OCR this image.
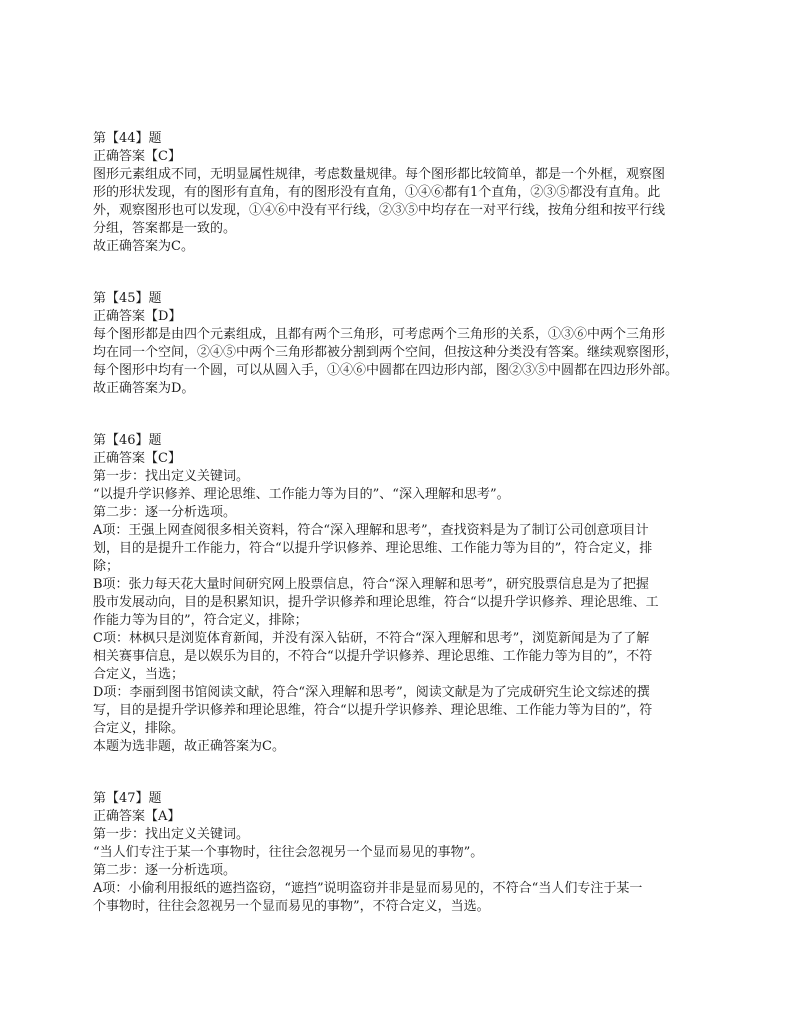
第【44】题
正确答案【C】
图形元素组成不同，无明显属性规律，考虑数量规律。每个图形都比较简单，都是一个外框，观察图
形的形状发现，有的图形有直角，有的图形没有直角，①④⑥都有1个直角，②③⑤都没有直角。此
外，观察图形也可以发现，①④⑥中没有平行线，②③⑤中均存在一对平行线，按角分组和按平行线
分组，答案都是一致的。
故正确答案为C。
第【45】题
正确答案【D】
每个图形都是由四个元素组成，且都有两个三角形，可考虑两个三角形的关系，①③⑥中两个三角形
均在同一个空间，②④⑤中两个三角形都被分割到两个空间，但按这种分类没有答案。继续观察图形，
每个图形中均有一个圆，可以从圆入手，①④⑥中圆都在四边形内部，图②③⑤中圆都在四边形外部。
故正确答案为D。
第【46】题
正确答案【C】
第一步：找出定义关键词。
“以提升学识修养、理论思维、工作能力等为目的”、“深入理解和思考”。
第二步：逐一分析选项。
A项：王强上网查阅很多相关资料，符合“深入理解和思考”，查找资料是为了制订公司创意项目计
划，目的是提升工作能力，符合“以提升学识修养、理论思维、工作能力等为目的”，符合定义，排
除；
B项：张力每天花大量时间研究网上股票信息，符合“深入理解和思考”，研究股票信息是为了把握
股市发展动向，目的是积累知识，提升学识修养和理论思维，符合“以提升学识修养、理论思维、工
作能力等为目的”，符合定义，排除；
C项：林枫只是浏览体育新闻，并没有深入钻研，不符合“深入理解和思考”，浏览新闻是为了了解
相关赛事信息，是以娱乐为目的，不符合“以提升学识修养、理论思维、工作能力等为目的”，不符
合定义，当选；
D项：李丽到图书馆阅读文献，符合“深入理解和思考”，阅读文献是为了完成研究生论文综述的撰
写，目的是提升学识修养和理论思维，符合“以提升学识修养、理论思维、工作能力等为目的”，符
合定义，排除。
本题为选非题，故正确答案为C。
第【47】题
正确答案【A】
第一步：找出定义关键词。
“当人们专注于某一个事物时，往往会忽视另一个显而易见的事物”。
第二步：逐一分析选项。
A项：小偷利用报纸的遮挡盗窃，“遮挡”说明盗窃并非是显而易见的，不符合“当人们专注于某一
个事物时，往往会忽视另一个显而易见的事物”，不符合定义，当选。
